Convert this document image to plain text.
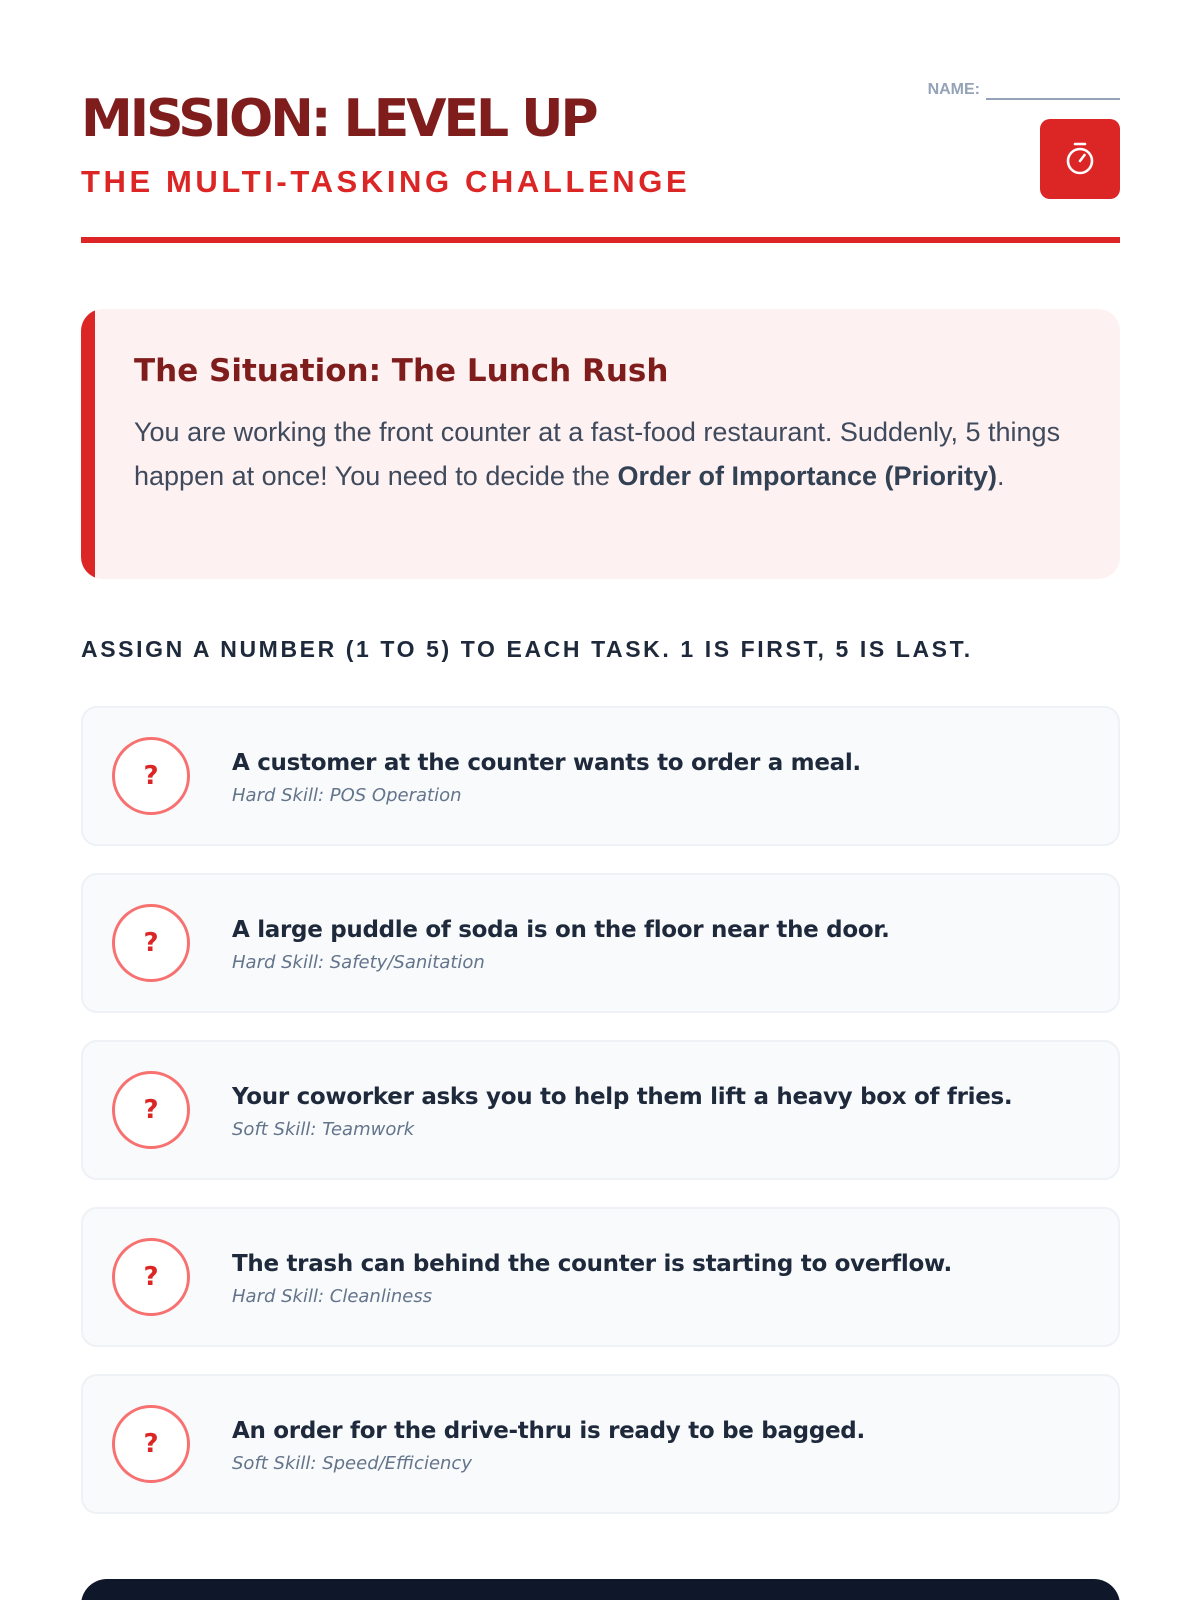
MISSION: LEVEL UP
THE MULTI-TASKING CHALLENGE
NAME:
The Situation: The Lunch Rush

You are working the front counter at a fast-food restaurant. Suddenly, 5 things happen at once! You need to decide the Order of Importance (Priority).

ASSIGN A NUMBER (1 TO 5) TO EACH TASK. 1 IS FIRST, 5 IS LAST.
?	A customer at the counter wants to order a meal.
Hard Skill: POS Operation
?	A large puddle of soda is on the floor near the door.
Hard Skill: Safety/Sanitation
?	Your coworker asks you to help them lift a heavy box of fries.
Soft Skill: Teamwork
?	The trash can behind the counter is starting to overflow.
Hard Skill: Cleanliness
?	An order for the drive-thru is ready to be bagged.
Soft Skill: Speed/Efficiency
